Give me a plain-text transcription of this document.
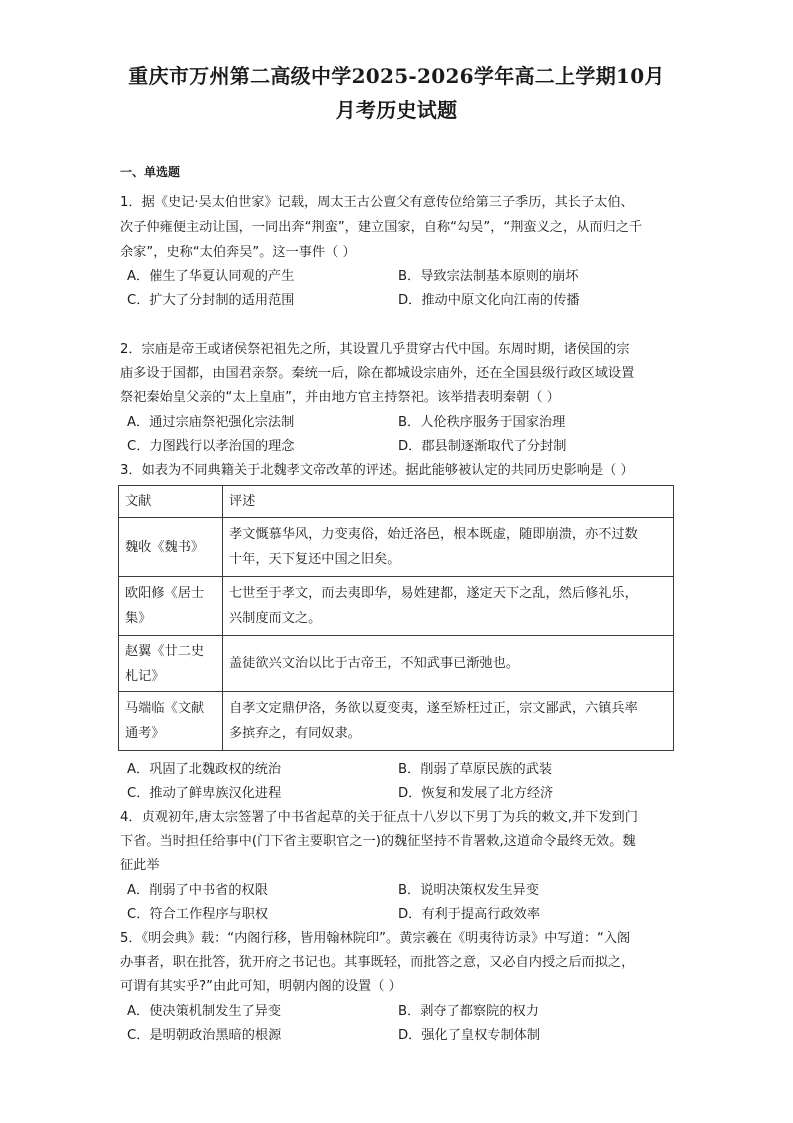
重庆市万州第二高级中学2025-2026学年高二上学期10月
月考历史试题
一、单选题
1．据《史记·吴太伯世家》记载，周太王古公亶父有意传位给第三子季历，其长子太伯、
次子仲雍便主动让国，一同出奔“荆蛮”，建立国家，自称“勾吴”，“荆蛮义之，从而归之千
余家”，史称“太伯奔吴”。这一事件（ ）
A．催生了华夏认同观的产生	B．导致宗法制基本原则的崩坏
C．扩大了分封制的适用范围	D．推动中原文化向江南的传播
2．宗庙是帝王或诸侯祭祀祖先之所，其设置几乎贯穿古代中国。东周时期，诸侯国的宗
庙多设于国都，由国君亲祭。秦统一后，除在都城设宗庙外，还在全国县级行政区域设置
祭祀秦始皇父亲的“太上皇庙”，并由地方官主持祭祀。该举措表明秦朝（ ）
A．通过宗庙祭祀强化宗法制	B．人伦秩序服务于国家治理
C．力图践行以孝治国的理念	D．郡县制逐渐取代了分封制
3．如表为不同典籍关于北魏孝文帝改革的评述。据此能够被认定的共同历史影响是（ ）
文献	评述
魏收《魏书》	孝文慨慕华风，力变夷俗，始迁洛邑，根本既虚，随即崩溃，亦不过数
十年，天下复还中国之旧矣。
欧阳修《居士
集》	七世至于孝文，而去夷即华，易姓建都，遂定天下之乱，然后修礼乐，
兴制度而文之。
赵翼《廿二史
札记》	盖徒欲兴文治以比于古帝王，不知武事已渐弛也。
马端临《文献
通考》	自孝文定鼎伊洛，务欲以夏变夷，遂至矫枉过正，宗文鄙武，六镇兵率
多摈弃之，有同奴隶。
A．巩固了北魏政权的统治	B．削弱了草原民族的武装
C．推动了鲜卑族汉化进程	D．恢复和发展了北方经济
4．贞观初年,唐太宗签署了中书省起草的关于征点十八岁以下男丁为兵的敕文,并下发到门
下省。当时担任给事中(门下省主要职官之一)的魏征坚持不肯署敕,这道命令最终无效。魏
征此举
A．削弱了中书省的权限	B．说明决策权发生异变
C．符合工作程序与职权	D．有利于提高行政效率
5．《明会典》载：“内阁行移，皆用翰林院印”。黄宗羲在《明夷待访录》中写道：“入阁
办事者，职在批答，犹开府之书记也。其事既轻，而批答之意，又必自内授之后而拟之，
可谓有其实乎?”由此可知，明朝内阁的设置（ ）
A．使决策机制发生了异变	B．剥夺了都察院的权力
C．是明朝政治黑暗的根源	D．强化了皇权专制体制
